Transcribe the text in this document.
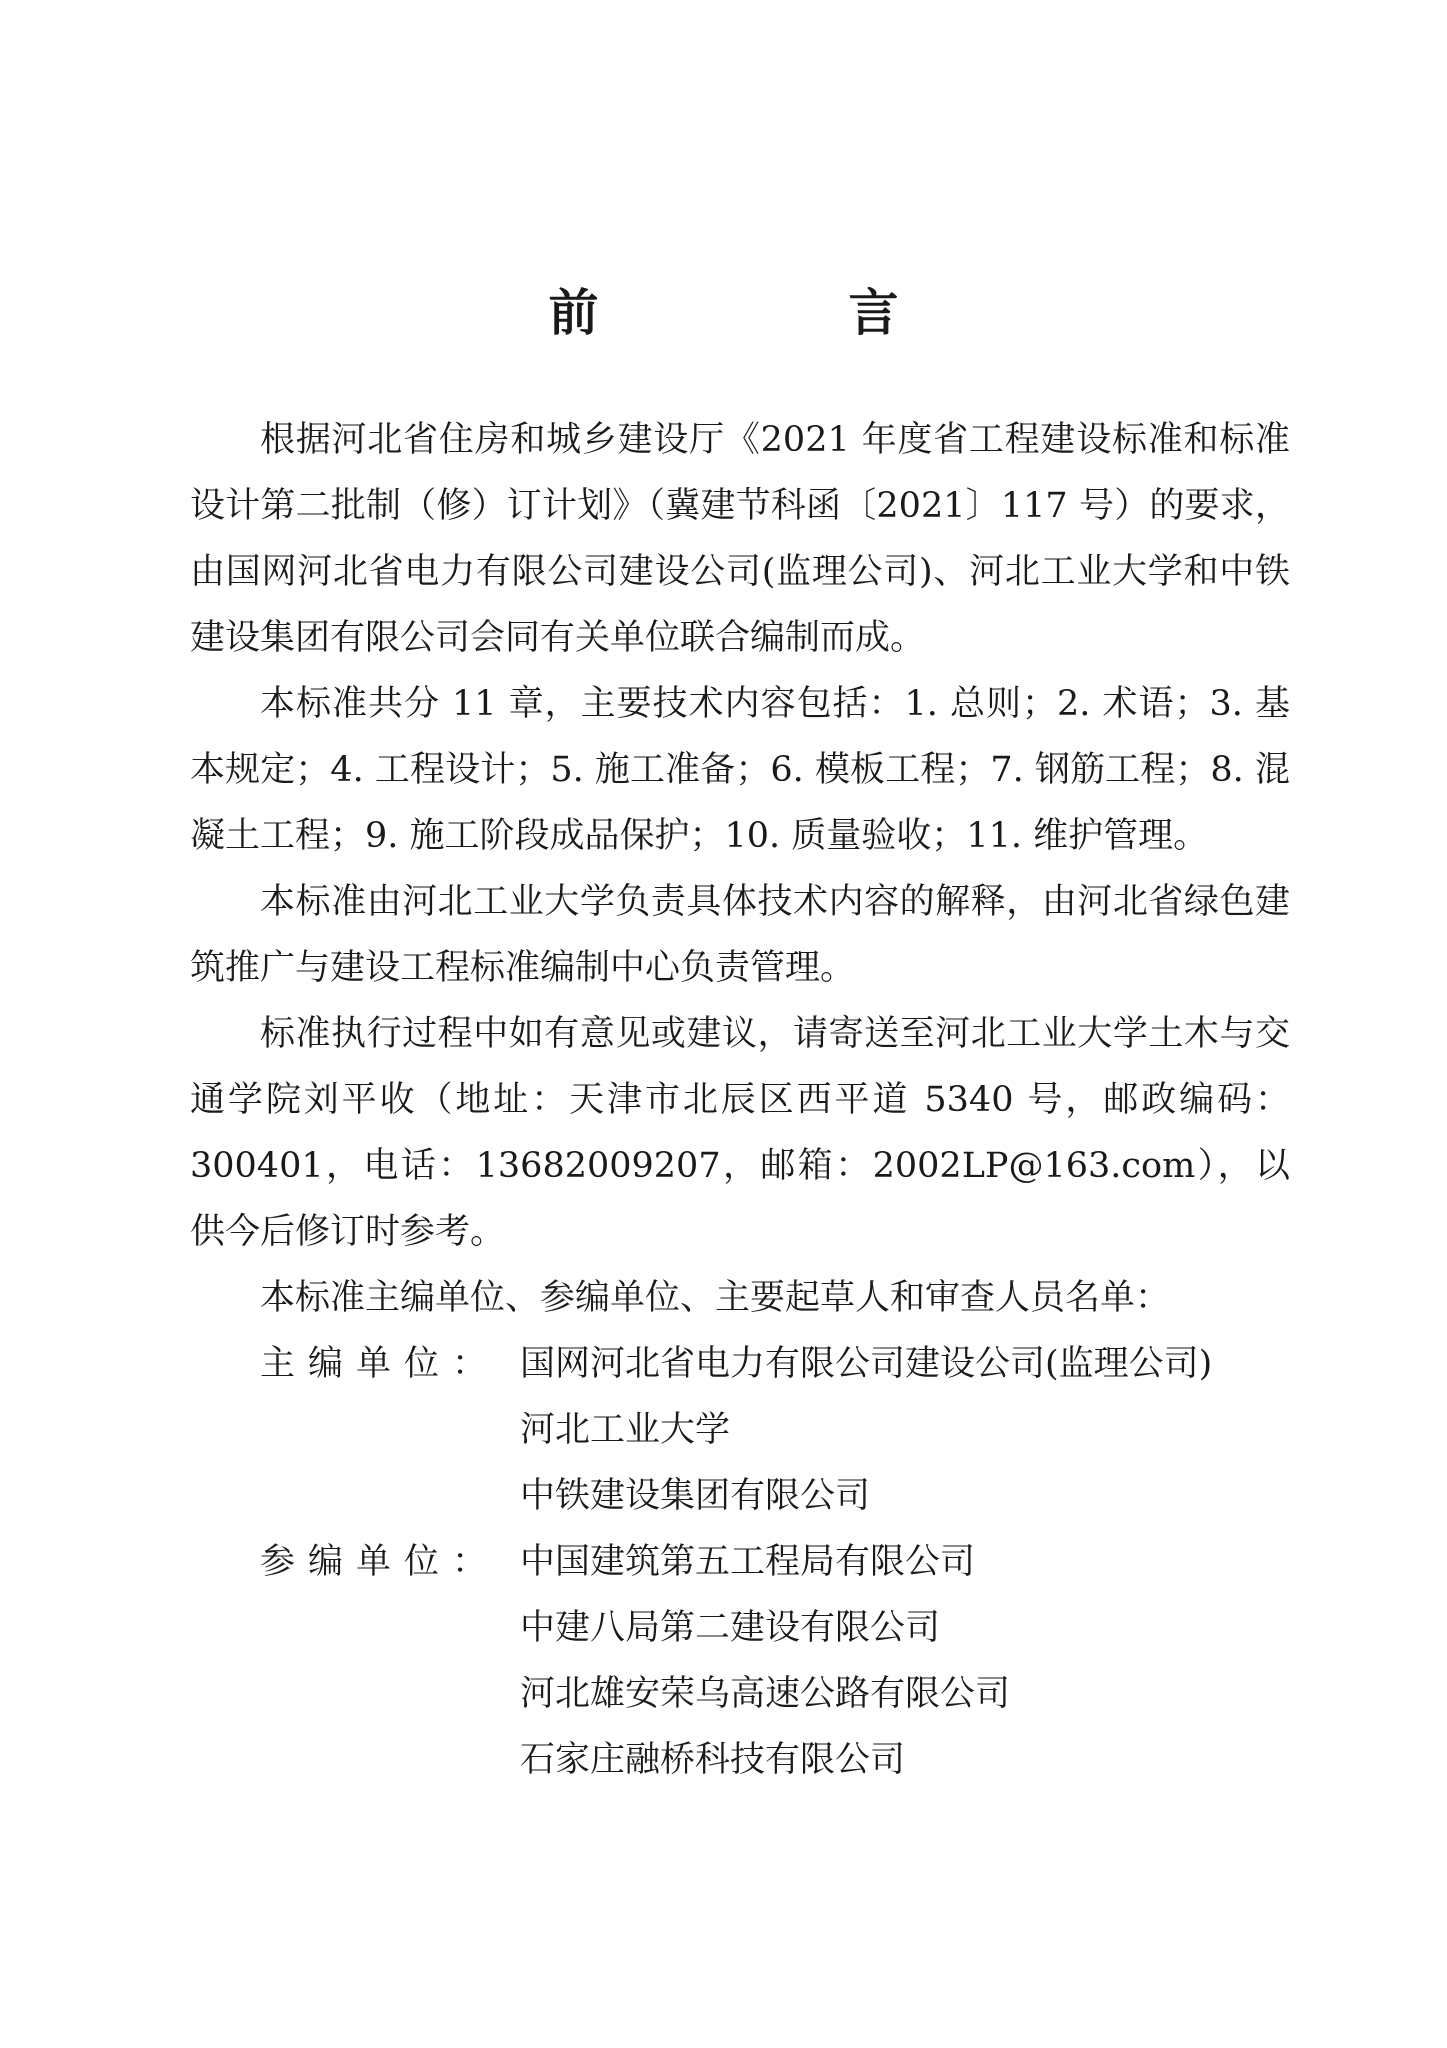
前　言

根据河北省住房和城乡建设厅《2021 年度省工程建设标准和标准设计第二批制（修）订计划》（冀建节科函〔2021〕117 号）的要求，由国网河北省电力有限公司建设公司(监理公司)、河北工业大学和中铁建设集团有限公司会同有关单位联合编制而成。

本标准共分 11 章，主要技术内容包括：1. 总则；2. 术语；3. 基本规定；4. 工程设计；5. 施工准备；6. 模板工程；7. 钢筋工程；8. 混凝土工程；9. 施工阶段成品保护；10. 质量验收；11. 维护管理。

本标准由河北工业大学负责具体技术内容的解释，由河北省绿色建筑推广与建设工程标准编制中心负责管理。

标准执行过程中如有意见或建议，请寄送至河北工业大学土木与交通学院刘平收（地址：天津市北辰区西平道 5340 号，邮政编码：300401，电话：13682009207，邮箱：2002LP@163.com），以供今后修订时参考。

本标准主编单位、参编单位、主要起草人和审查人员名单：

主编单位： 国网河北省电力有限公司建设公司(监理公司)
河北工业大学
中铁建设集团有限公司
参编单位： 中国建筑第五工程局有限公司
中建八局第二建设有限公司
河北雄安荣乌高速公路有限公司
石家庄融桥科技有限公司
